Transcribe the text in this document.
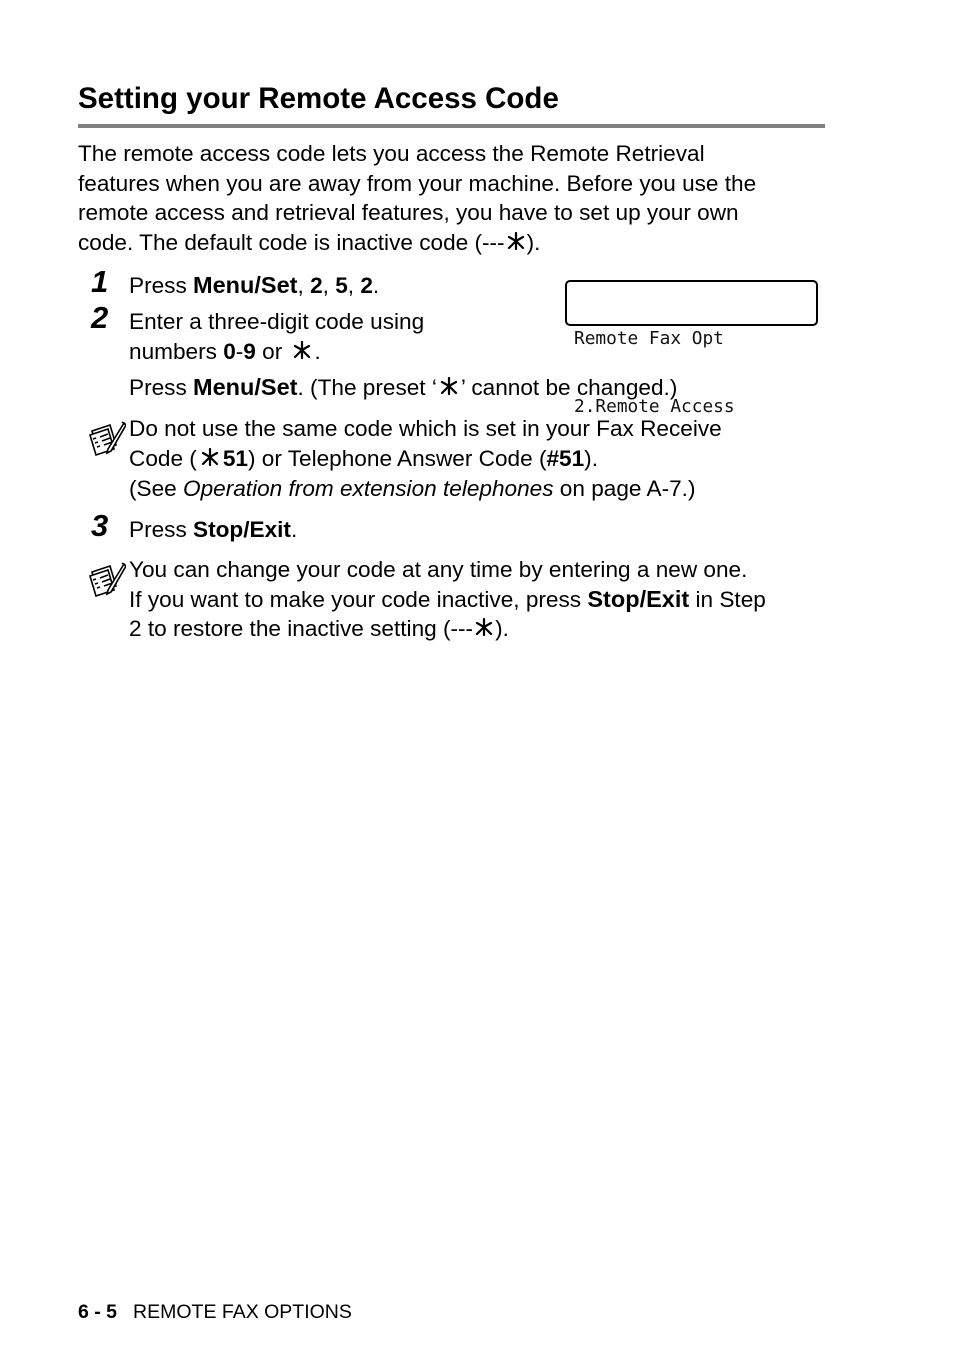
Setting your Remote Access Code
The remote access code lets you access the Remote Retrieval
features when you are away from your machine. Before you use the
remote access and retrieval features, you have to set up your own
code. The default code is inactive code (--- ).
1 Press Menu/Set, 2, 5, 2.

Remote Fax Opt

2.Remote Access

2 Enter a three-digit code using
numbers 0-9 or .
Press Menu/Set. (The preset ‘ ’ cannot be changed.)
Do not use the same code which is set in your Fax Receive
Code ( 51) or Telephone Answer Code (#51).
(See Operation from extension telephones on page A-7.)
3 Press Stop/Exit.
You can change your code at any time by entering a new one.
If you want to make your code inactive, press Stop/Exit in Step
2 to restore the inactive setting (--- ).
6 - 5 REMOTE FAX OPTIONS
